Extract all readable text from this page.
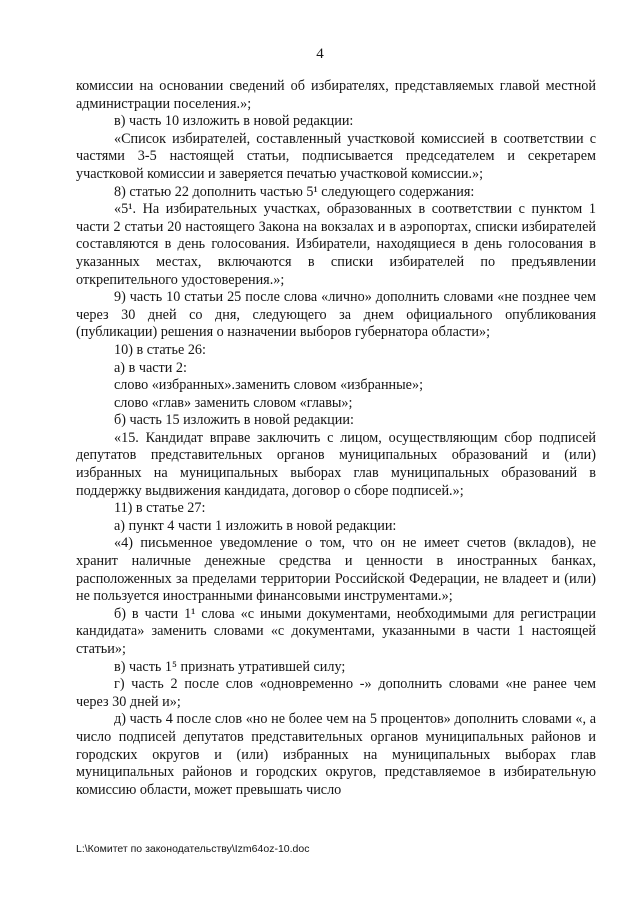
4

комиссии на основании сведений об избирателях, представляемых главой местной администрации поселения.»;

в) часть 10 изложить в новой редакции:

«Список избирателей, составленный участковой комиссией в соответствии с частями 3-5 настоящей статьи, подписывается председателем и секретарем участковой комиссии и заверяется печатью участковой комиссии.»;

8) статью 22 дополнить частью 5¹ следующего содержания:

«5¹. На избирательных участках, образованных в соответствии с пунктом 1 части 2 статьи 20 настоящего Закона на вокзалах и в аэропортах, списки избирателей составляются в день голосования. Избиратели, находящиеся в день голосования в указанных местах, включаются в списки избирателей по предъявлении открепительного удостоверения.»;

9) часть 10 статьи 25 после слова «лично» дополнить словами «не позднее чем через 30 дней со дня, следующего за днем официального опубликования (публикации) решения о назначении выборов губернатора области»;

10) в статье 26:

а) в части 2:

слово «избранных».заменить словом «избранные»;

слово «глав» заменить словом «главы»;

б) часть 15 изложить в новой редакции:

«15. Кандидат вправе заключить с лицом, осуществляющим сбор подписей депутатов представительных органов муниципальных образований и (или) избранных на муниципальных выборах глав муниципальных образований в поддержку выдвижения кандидата, договор о сборе подписей.»;

11) в статье 27:

а) пункт 4 части 1 изложить в новой редакции:

«4) письменное уведомление о том, что он не имеет счетов (вкладов), не хранит наличные денежные средства и ценности в иностранных банках, расположенных за пределами территории Российской Федерации, не владеет и (или) не пользуется иностранными финансовыми инструментами.»;

б) в части 1¹ слова «с иными документами, необходимыми для регистрации кандидата» заменить словами «с документами, указанными в части 1 настоящей статьи»;

в) часть 1⁵ признать утратившей силу;

г) часть 2 после слов «одновременно -» дополнить словами «не ранее чем через 30 дней и»;

д) часть 4 после слов «но не более чем на 5 процентов» дополнить словами «, а число подписей депутатов представительных органов муниципальных районов и городских округов и (или) избранных на муниципальных выборах глав муниципальных районов и городских округов, представляемое в избирательную комиссию области, может превышать число

L:\Комитет по законодательству\Izm64oz-10.doc
